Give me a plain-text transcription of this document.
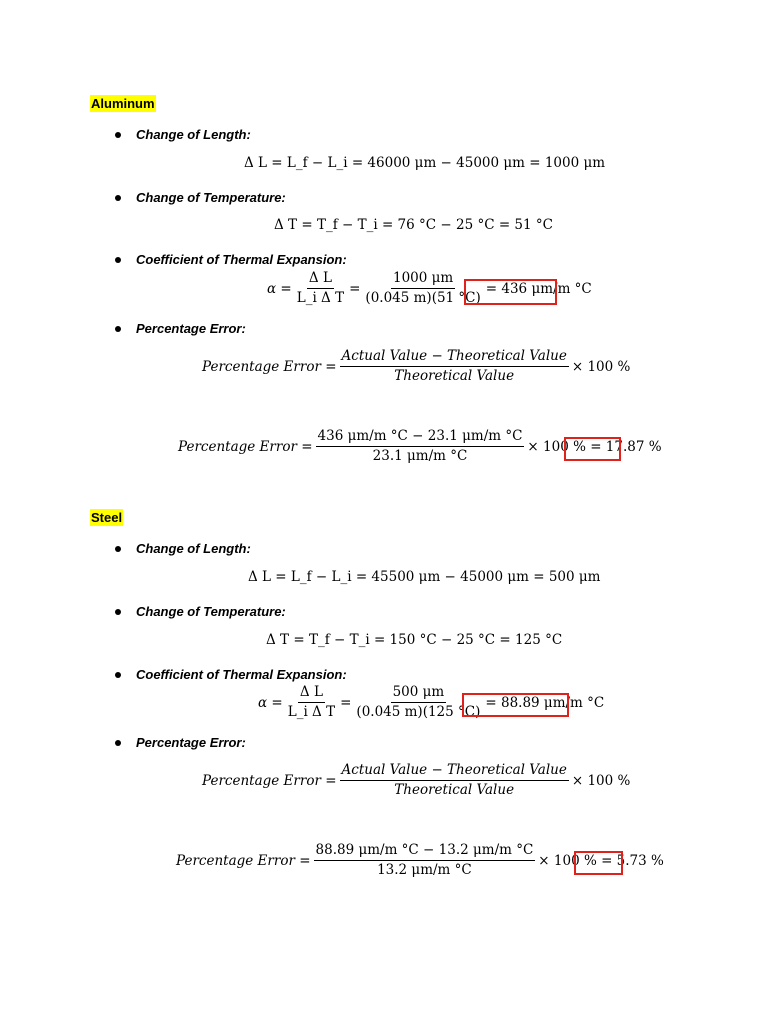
Aluminum
Change of Length:
Δ L = L_f − L_i = 46000 μm − 45000 μm = 1000 μm
Change of Temperature:
Δ T = T_f − T_i = 76 °C − 25 °C = 51 °C
Coefficient of Thermal Expansion:
$\alpha = \frac{\text{Δ L}}{\text{L\_i Δ T}} = \frac{1000 \mu m}{(0.045 m)(51 ^\circ C)} = 436$ μm/m °C
Percentage Error:
Percentage Error = $\frac{\text{Actual Value − Theoretical Value}}{\text{Theoretical Value}} \times 100$ %
Percentage Error = $\frac{436 \mu m/m ^\circ C - 23.1 \mu m/m ^\circ C}{23.1 \mu m/m ^\circ C} \times 100$ % = 17.87 %
Steel
Change of Length:
Δ L = L_f − L_i = 45500 μm − 45000 μm = 500 μm
Change of Temperature:
Δ T = T_f − T_i = 150 °C − 25 °C = 125 °C
Coefficient of Thermal Expansion:
$\alpha = \frac{\text{Δ L}}{\text{L\_i Δ T}} = \frac{500 \mu m}{(0.045 m)(125 ^\circ C)} = 88.89$ μm/m °C
Percentage Error:
Percentage Error = $\frac{\text{Actual Value − Theoretical Value}}{\text{Theoretical Value}} \times 100$ %
Percentage Error = $\frac{88.89 \mu m/m ^\circ C - 13.2 \mu m/m ^\circ C}{13.2 \mu m/m ^\circ C} \times 100$ % = 5.73 %
